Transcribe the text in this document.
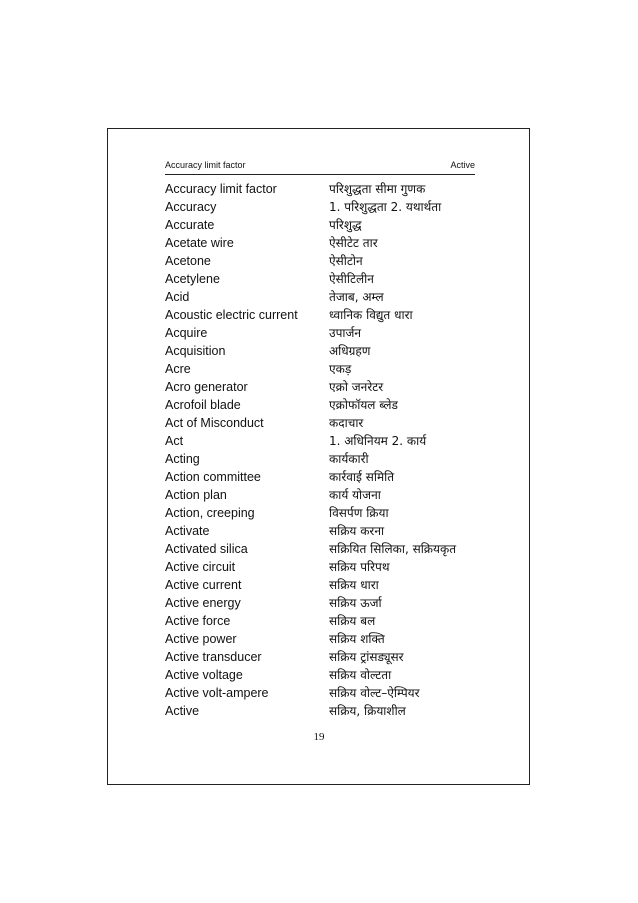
Accuracy limit factor	Active
Accuracy limit factor	परिशुद्धता सीमा गुणक
Accuracy	1. परिशुद्धता 2. यथार्थता
Accurate	परिशुद्ध
Acetate wire	ऐसीटेट तार
Acetone	ऐसीटोन
Acetylene	ऐसीटिलीन
Acid	तेजाब, अम्ल
Acoustic electric current	ध्वानिक विद्युत धारा
Acquire	उपार्जन
Acquisition	अधिग्रहण
Acre	एकड़
Acro generator	एक्रो जनरेटर
Acrofoil blade	एक्रोफॉयल ब्लेड
Act of Misconduct	कदाचार
Act	1. अधिनियम 2. कार्य
Acting	कार्यकारी
Action committee	कार्रवाई समिति
Action plan	कार्य योजना
Action, creeping	विसर्पण क्रिया
Activate	सक्रिय करना
Activated silica	सक्रियित सिलिका, सक्रियकृत
Active circuit	सक्रिय परिपथ
Active current	सक्रिय धारा
Active energy	सक्रिय ऊर्जा
Active force	सक्रिय बल
Active power	सक्रिय शक्ति
Active transducer	सक्रिय ट्रांसड्यूसर
Active voltage	सक्रिय वोल्टता
Active volt-ampere	सक्रिय वोल्ट–ऐम्पियर
Active	सक्रिय, क्रियाशील
19
